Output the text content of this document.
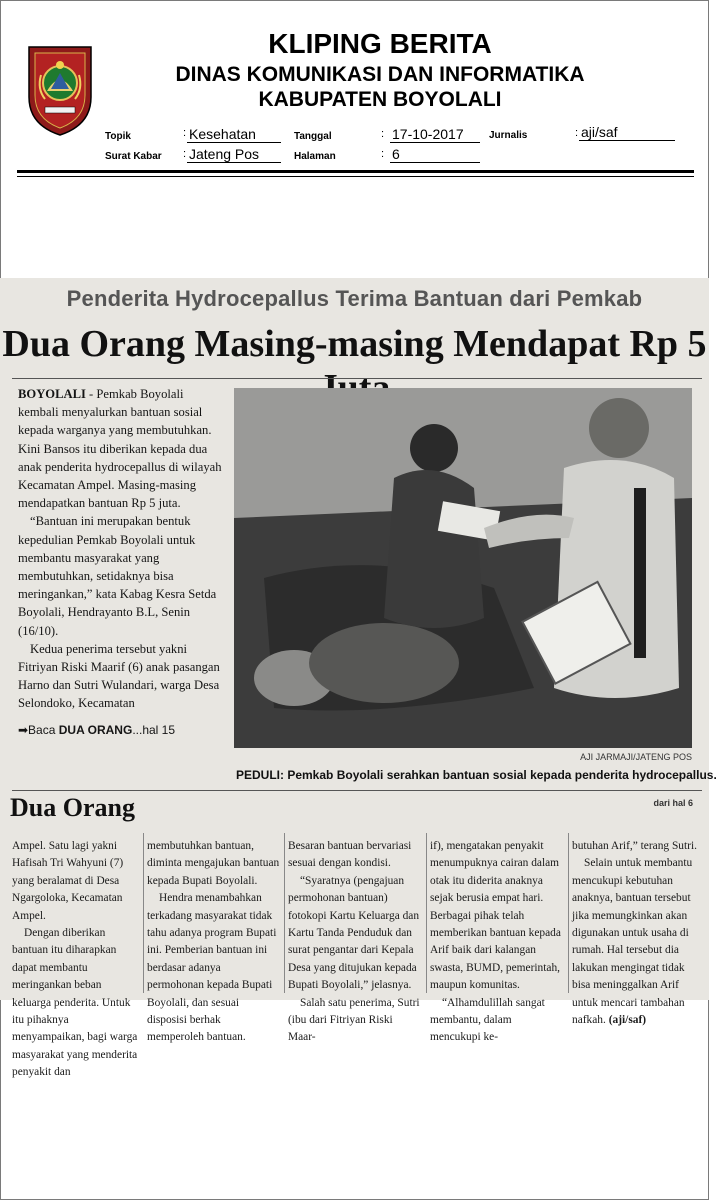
KLIPING BERITA
DINAS KOMUNIKASI DAN INFORMATIKA
KABUPATEN BOYOLALI
Topik	: Kesehatan	Tanggal	: 17-10-2017	Jurnalis	: aji/saf
Surat Kabar : Jateng Pos	Halaman	: 6
Penderita Hydrocepallus Terima Bantuan dari Pemkab
Dua Orang Masing-masing Mendapat Rp 5

BOYOLALI - Pemkab Boyolali kembali menyalurkan bantuan sosial kepada warganya yang membutuhkan. Kini Bansos itu diberikan kepada dua anak penderita hydrocepallus di wilayah Kecamatan Ampel. Masing-masing mendapatkan bantuan Rp 5 juta.

“Bantuan ini merupakan bentuk kepedulian Pemkab Boyolali untuk membantu masyarakat yang membutuhkan, setidaknya bisa meringankan,” kata Kabag Kesra Setda Boyolali, Hendrayanto B.L, Senin (16/10).

Kedua penerima tersebut yakni Fitriyan Riski Maarif (6) anak pasangan Harno dan Sutri Wulandari, warga Desa Selondoko, Kecamatan

➡Baca DUA ORANG...hal 15

AJI JARMAJI/JATENG POS
PEDULI: Pemkab Boyolali serahkan bantuan sosial kepada penderita hydrocepallus.
Dua Orang	dari hal 6

Ampel. Satu lagi yakni Hafisah Tri Wahyuni (7) yang beralamat di Desa Ngargoloka, Kecamatan Ampel.

Dengan diberikan bantuan itu diharapkan dapat membantu meringankan beban keluarga penderita. Untuk itu pihaknya menyampaikan, bagi warga masyarakat yang menderita penyakit dan

membutuhkan bantuan, diminta mengajukan bantuan kepada Bupati Boyolali.

Hendra menambahkan terkadang masyarakat tidak tahu adanya program Bupati ini. Pemberian bantuan ini berdasar adanya permohonan kepada Bupati Boyolali, dan sesuai disposisi berhak memperoleh bantuan.

Besaran bantuan bervariasi sesuai dengan kondisi.

“Syaratnya (pengajuan permohonan bantuan) fotokopi Kartu Keluarga dan Kartu Tanda Penduduk dan surat pengantar dari Kepala Desa yang ditujukan kepada Bupati Boyolali,” jelasnya.

Salah satu penerima, Sutri (ibu dari Fitriyan Riski Maar-

if), mengatakan penyakit menumpuknya cairan dalam otak itu diderita anaknya sejak berusia empat hari. Berbagai pihak telah memberikan bantuan kepada Arif baik dari kalangan swasta, BUMD, pemerintah, maupun komunitas.

“Alhamdulillah sangat membantu, dalam mencukupi ke-

butuhan Arif,” terang Sutri.

Selain untuk membantu mencukupi kebutuhan anaknya, bantuan tersebut jika memungkinkan akan digunakan untuk usaha di rumah. Hal tersebut dia lakukan mengingat tidak bisa meninggalkan Arif untuk mencari tambahan nafkah. (aji/saf)
